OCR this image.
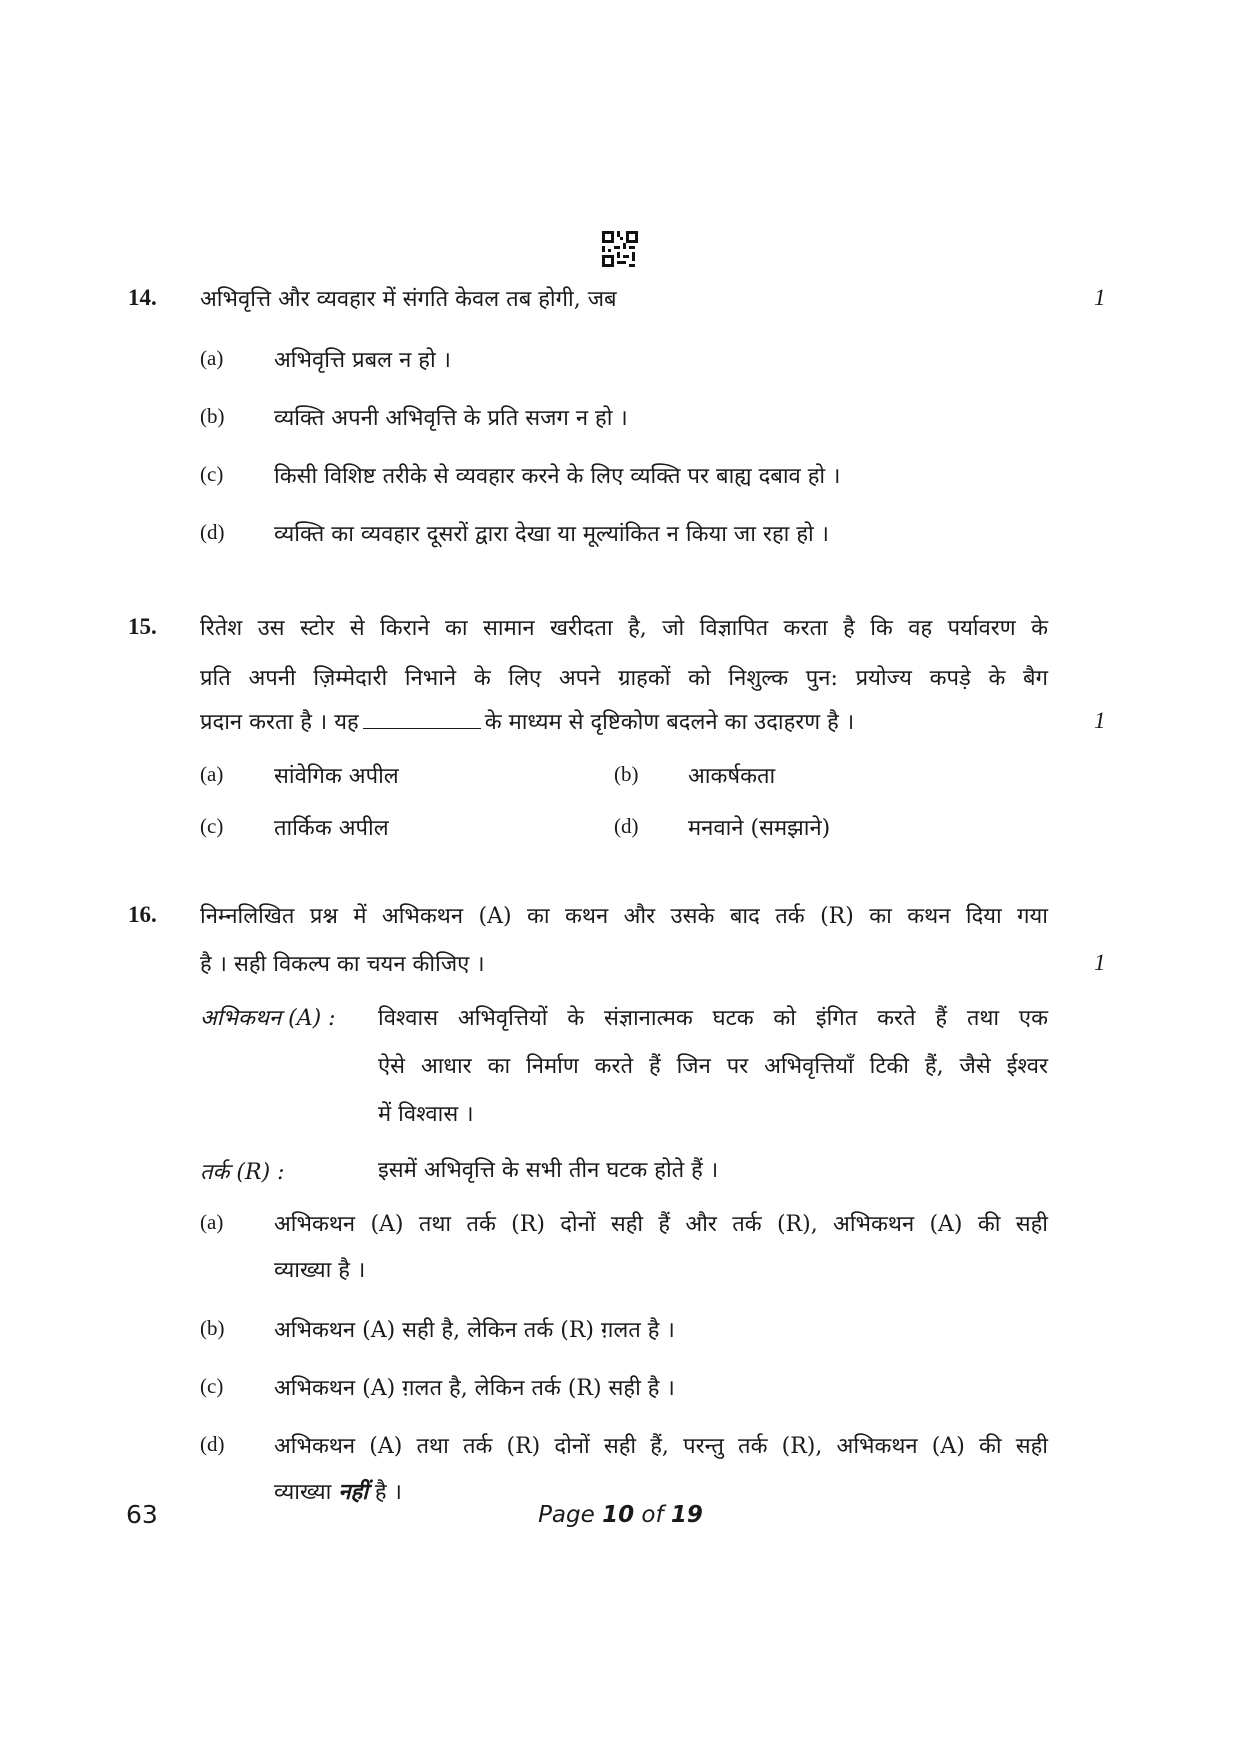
14. अभिवृत्ति और व्यवहार में संगति केवल तब होगी, जब	1
(a) अभिवृत्ति प्रबल न हो ।
(b) व्यक्ति अपनी अभिवृत्ति के प्रति सजग न हो ।
(c) किसी विशिष्ट तरीके से व्यवहार करने के लिए व्यक्ति पर बाह्य दबाव हो ।
(d) व्यक्ति का व्यवहार दूसरों द्वारा देखा या मूल्यांकित न किया जा रहा हो ।
15. रितेश उस स्टोर से किराने का सामान खरीदता है, जो विज्ञापित करता है कि वह पर्यावरण के
प्रति अपनी ज़िम्मेदारी निभाने के लिए अपने ग्राहकों को निशुल्क पुन: प्रयोज्य कपड़े के बैग
प्रदान करता है । यह	के माध्यम से दृष्टिकोण बदलने का उदाहरण है ।	1
(a) सांवेगिक अपील	(b) आकर्षकता
(c) तार्किक अपील	(d) मनवाने (समझाने)
16. निम्नलिखित प्रश्न में अभिकथन (A) का कथन और उसके बाद तर्क (R) का कथन दिया गया
है । सही विकल्प का चयन कीजिए ।	1
अभिकथन (A) : विश्वास अभिवृत्तियों के संज्ञानात्मक घटक को इंगित करते हैं तथा एक
ऐसे आधार का निर्माण करते हैं जिन पर अभिवृत्तियाँ टिकी हैं, जैसे ईश्वर
में विश्वास ।
तर्क (R) :	इसमें अभिवृत्ति के सभी तीन घटक होते हैं ।
(a) अभिकथन (A) तथा तर्क (R) दोनों सही हैं और तर्क (R), अभिकथन (A) की सही
व्याख्या है ।
(b) अभिकथन (A) सही है, लेकिन तर्क (R) ग़लत है ।
(c) अभिकथन (A) ग़लत है, लेकिन तर्क (R) सही है ।
(d) अभिकथन (A) तथा तर्क (R) दोनों सही हैं, परन्तु तर्क (R), अभिकथन (A) की सही
व्याख्या नहीं है ।
63	Page 10 of 19
